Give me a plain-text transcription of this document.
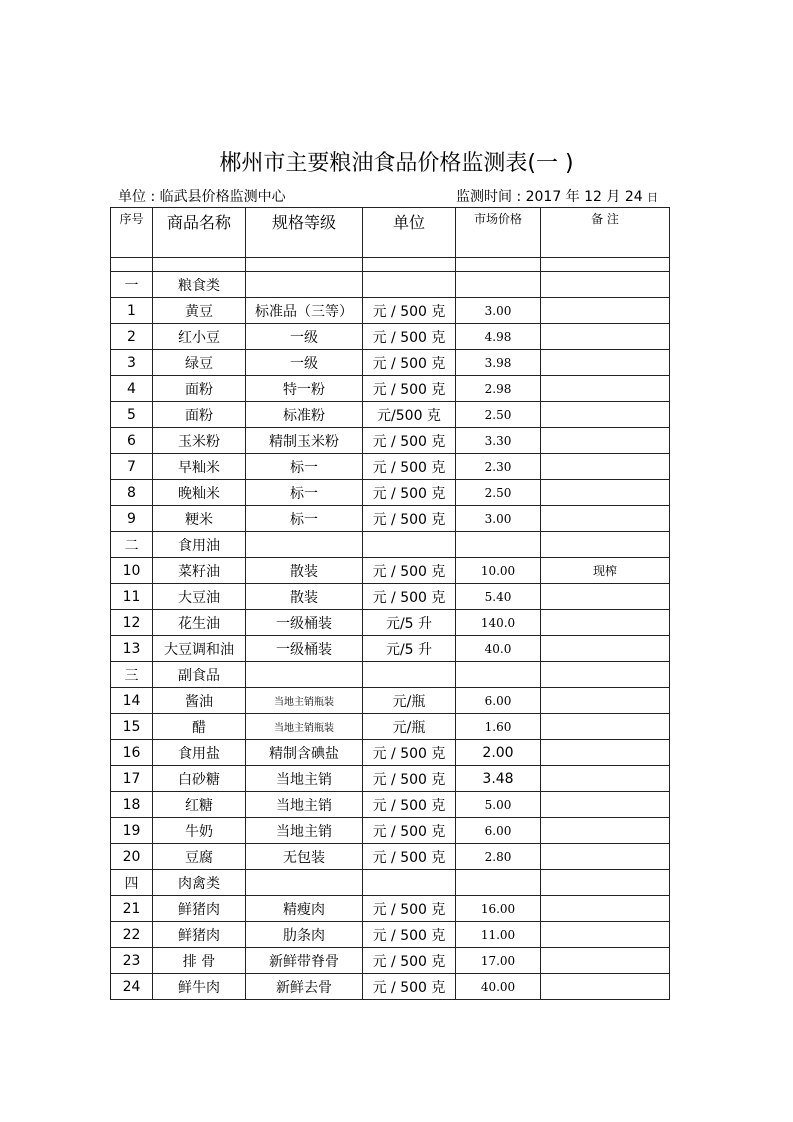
郴州市主要粮油食品价格监测表(一 )
单位 : 临武县价格监测中心	监测时间 : 2017 年 12 月 24 日
序号	商品名称	规格等级	单位	市场价格	备 注

一	粮食类				
1	黄豆	标准品（三等）	元 / 500 克	3.00	
2	红小豆	一级	元 / 500 克	4.98	
3	绿豆	一级	元 / 500 克	3.98	
4	面粉	特一粉	元 / 500 克	2.98	
5	面粉	标准粉	元/500 克	2.50	
6	玉米粉	精制玉米粉	元 / 500 克	3.30	
7	早籼米	标一	元 / 500 克	2.30	
8	晚籼米	标一	元 / 500 克	2.50	
9	粳米	标一	元 / 500 克	3.00	
二	食用油				
10	菜籽油	散装	元 / 500 克	10.00	现榨
11	大豆油	散装	元 / 500 克	5.40	
12	花生油	一级桶装	元/5 升	140.0	
13	大豆调和油	一级桶装	元/5 升	40.0	
三	副食品				
14	酱油	当地主销瓶装	元/瓶	6.00	
15	醋	当地主销瓶装	元/瓶	1.60	
16	食用盐	精制含碘盐	元 / 500 克	2.00	
17	白砂糖	当地主销	元 / 500 克	3.48	
18	红糖	当地主销	元 / 500 克	5.00	
19	牛奶	当地主销	元 / 500 克	6.00	
20	豆腐	无包装	元 / 500 克	2.80	
四	肉禽类				
21	鲜猪肉	精瘦肉	元 / 500 克	16.00	
22	鲜猪肉	肋条肉	元 / 500 克	11.00	
23	排 骨	新鲜带脊骨	元 / 500 克	17.00	
24	鲜牛肉	新鲜去骨	元 / 500 克	40.00	
